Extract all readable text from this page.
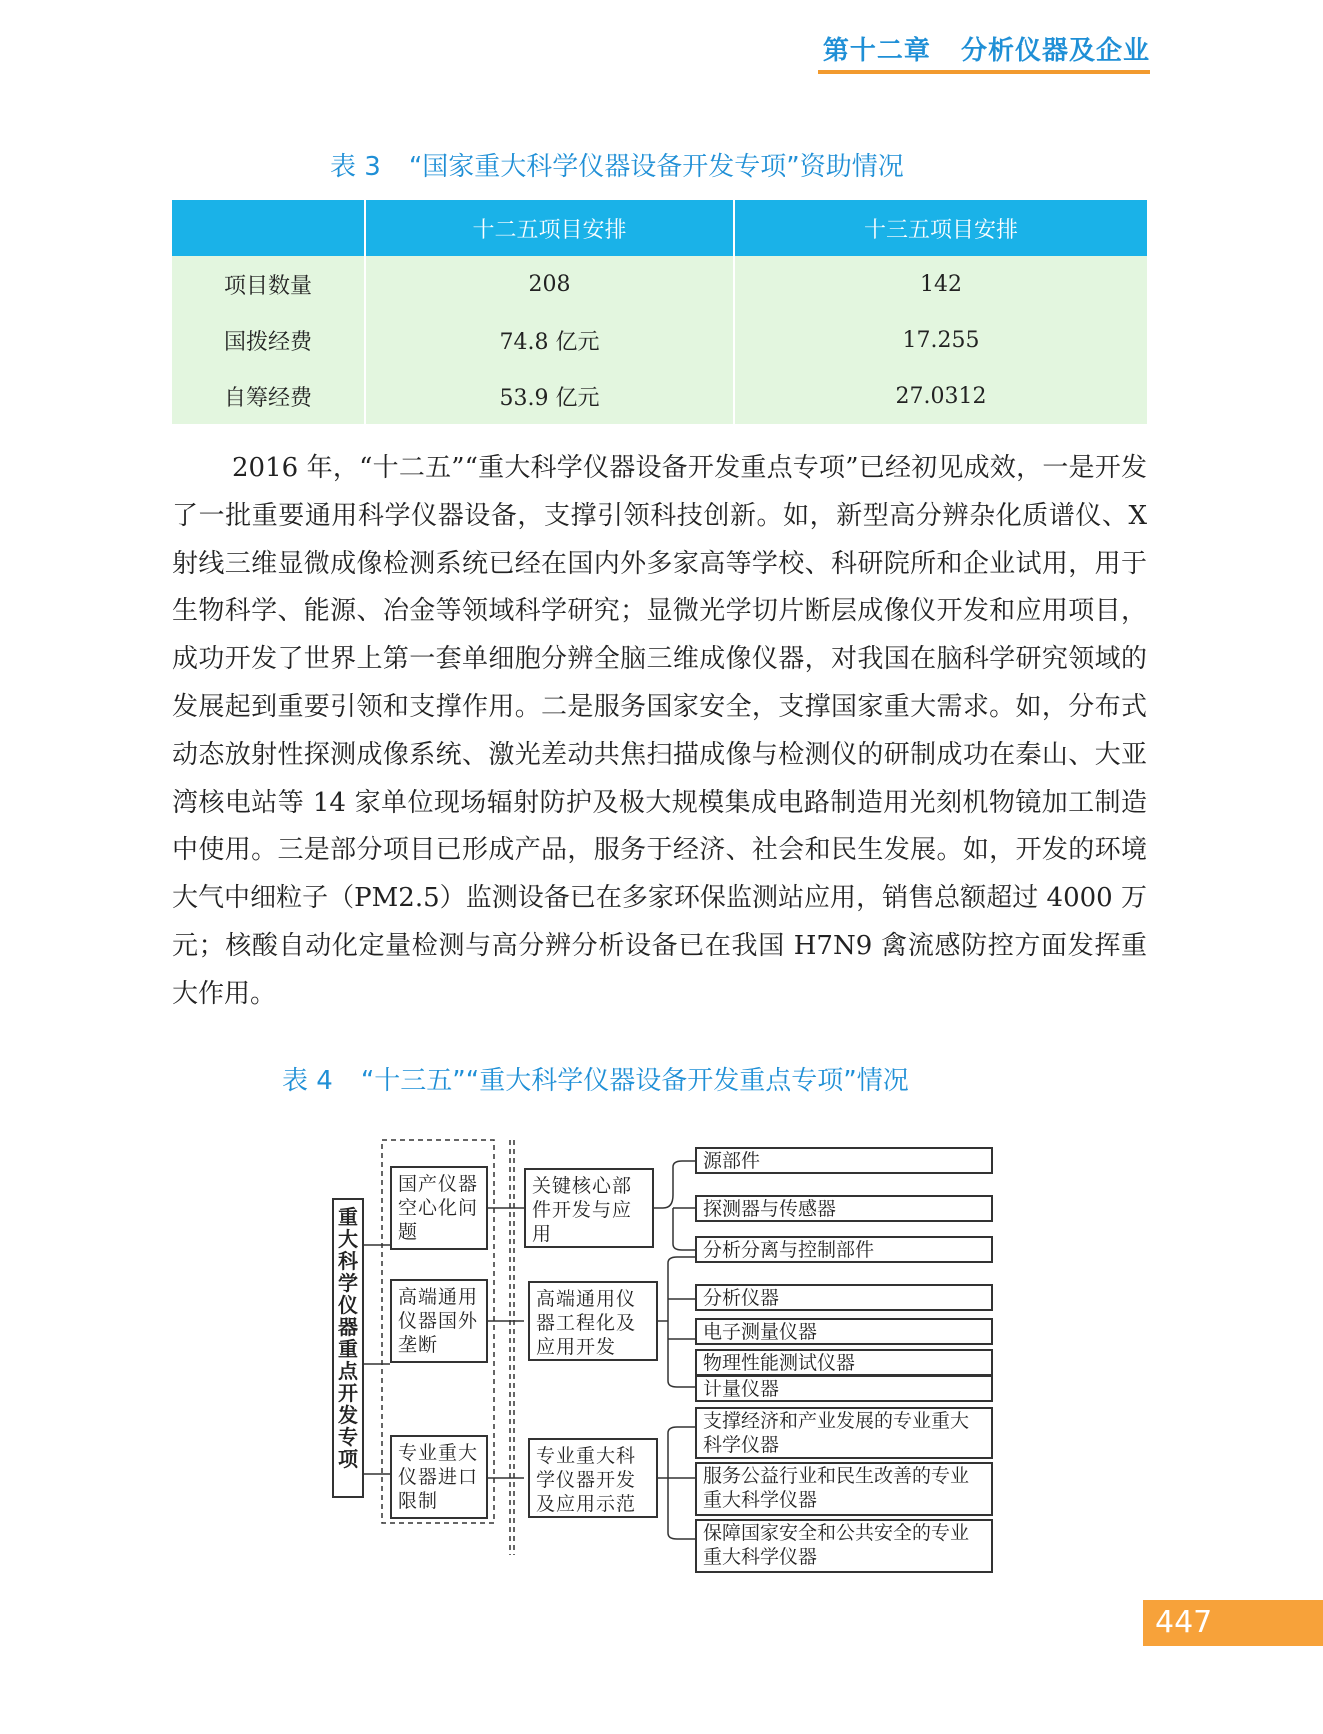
第十二章 分析仪器及企业
表 3 “国家重大科学仪器设备开发专项”资助情况
	十二五项目安排	十三五项目安排
项目数量	208	142
国拨经费	74.8 亿元	17.255
自筹经费	53.9 亿元	27.0312

2016 年，“十二五”“重大科学仪器设备开发重点专项”已经初见成效，一是开发了一批重要通用科学仪器设备，支撑引领科技创新。如，新型高分辨杂化质谱仪、X 射线三维显微成像检测系统已经在国内外多家高等学校、科研院所和企业试用，用于生物科学、能源、冶金等领域科学研究；显微光学切片断层成像仪开发和应用项目，成功开发了世界上第一套单细胞分辨全脑三维成像仪器，对我国在脑科学研究领域的发展起到重要引领和支撑作用。二是服务国家安全，支撑国家重大需求。如，分布式动态放射性探测成像系统、激光差动共焦扫描成像与检测仪的研制成功在秦山、大亚湾核电站等 14 家单位现场辐射防护及极大规模集成电路制造用光刻机物镜加工制造中使用。三是部分项目已形成产品，服务于经济、社会和民生发展。如，开发的环境大气中细粒子（PM2.5）监测设备已在多家环保监测站应用，销售总额超过 4000 万元；核酸自动化定量检测与高分辨分析设备已在我国 H7N9 禽流感防控方面发挥重大作用。

表 4 “十三五”“重大科学仪器设备开发重点专项”情况
重大科学仪器重点开发专项
国产仪器空心化问题
高端通用仪器国外垄断
专业重大仪器进口限制
关键核心部件开发与应用
高端通用仪器工程化及应用开发
专业重大科学仪器开发及应用示范
源部件
探测器与传感器
分析分离与控制部件
分析仪器
电子测量仪器
物理性能测试仪器
计量仪器
支撑经济和产业发展的专业重大科学仪器
服务公益行业和民生改善的专业重大科学仪器
保障国家安全和公共安全的专业重大科学仪器
447
